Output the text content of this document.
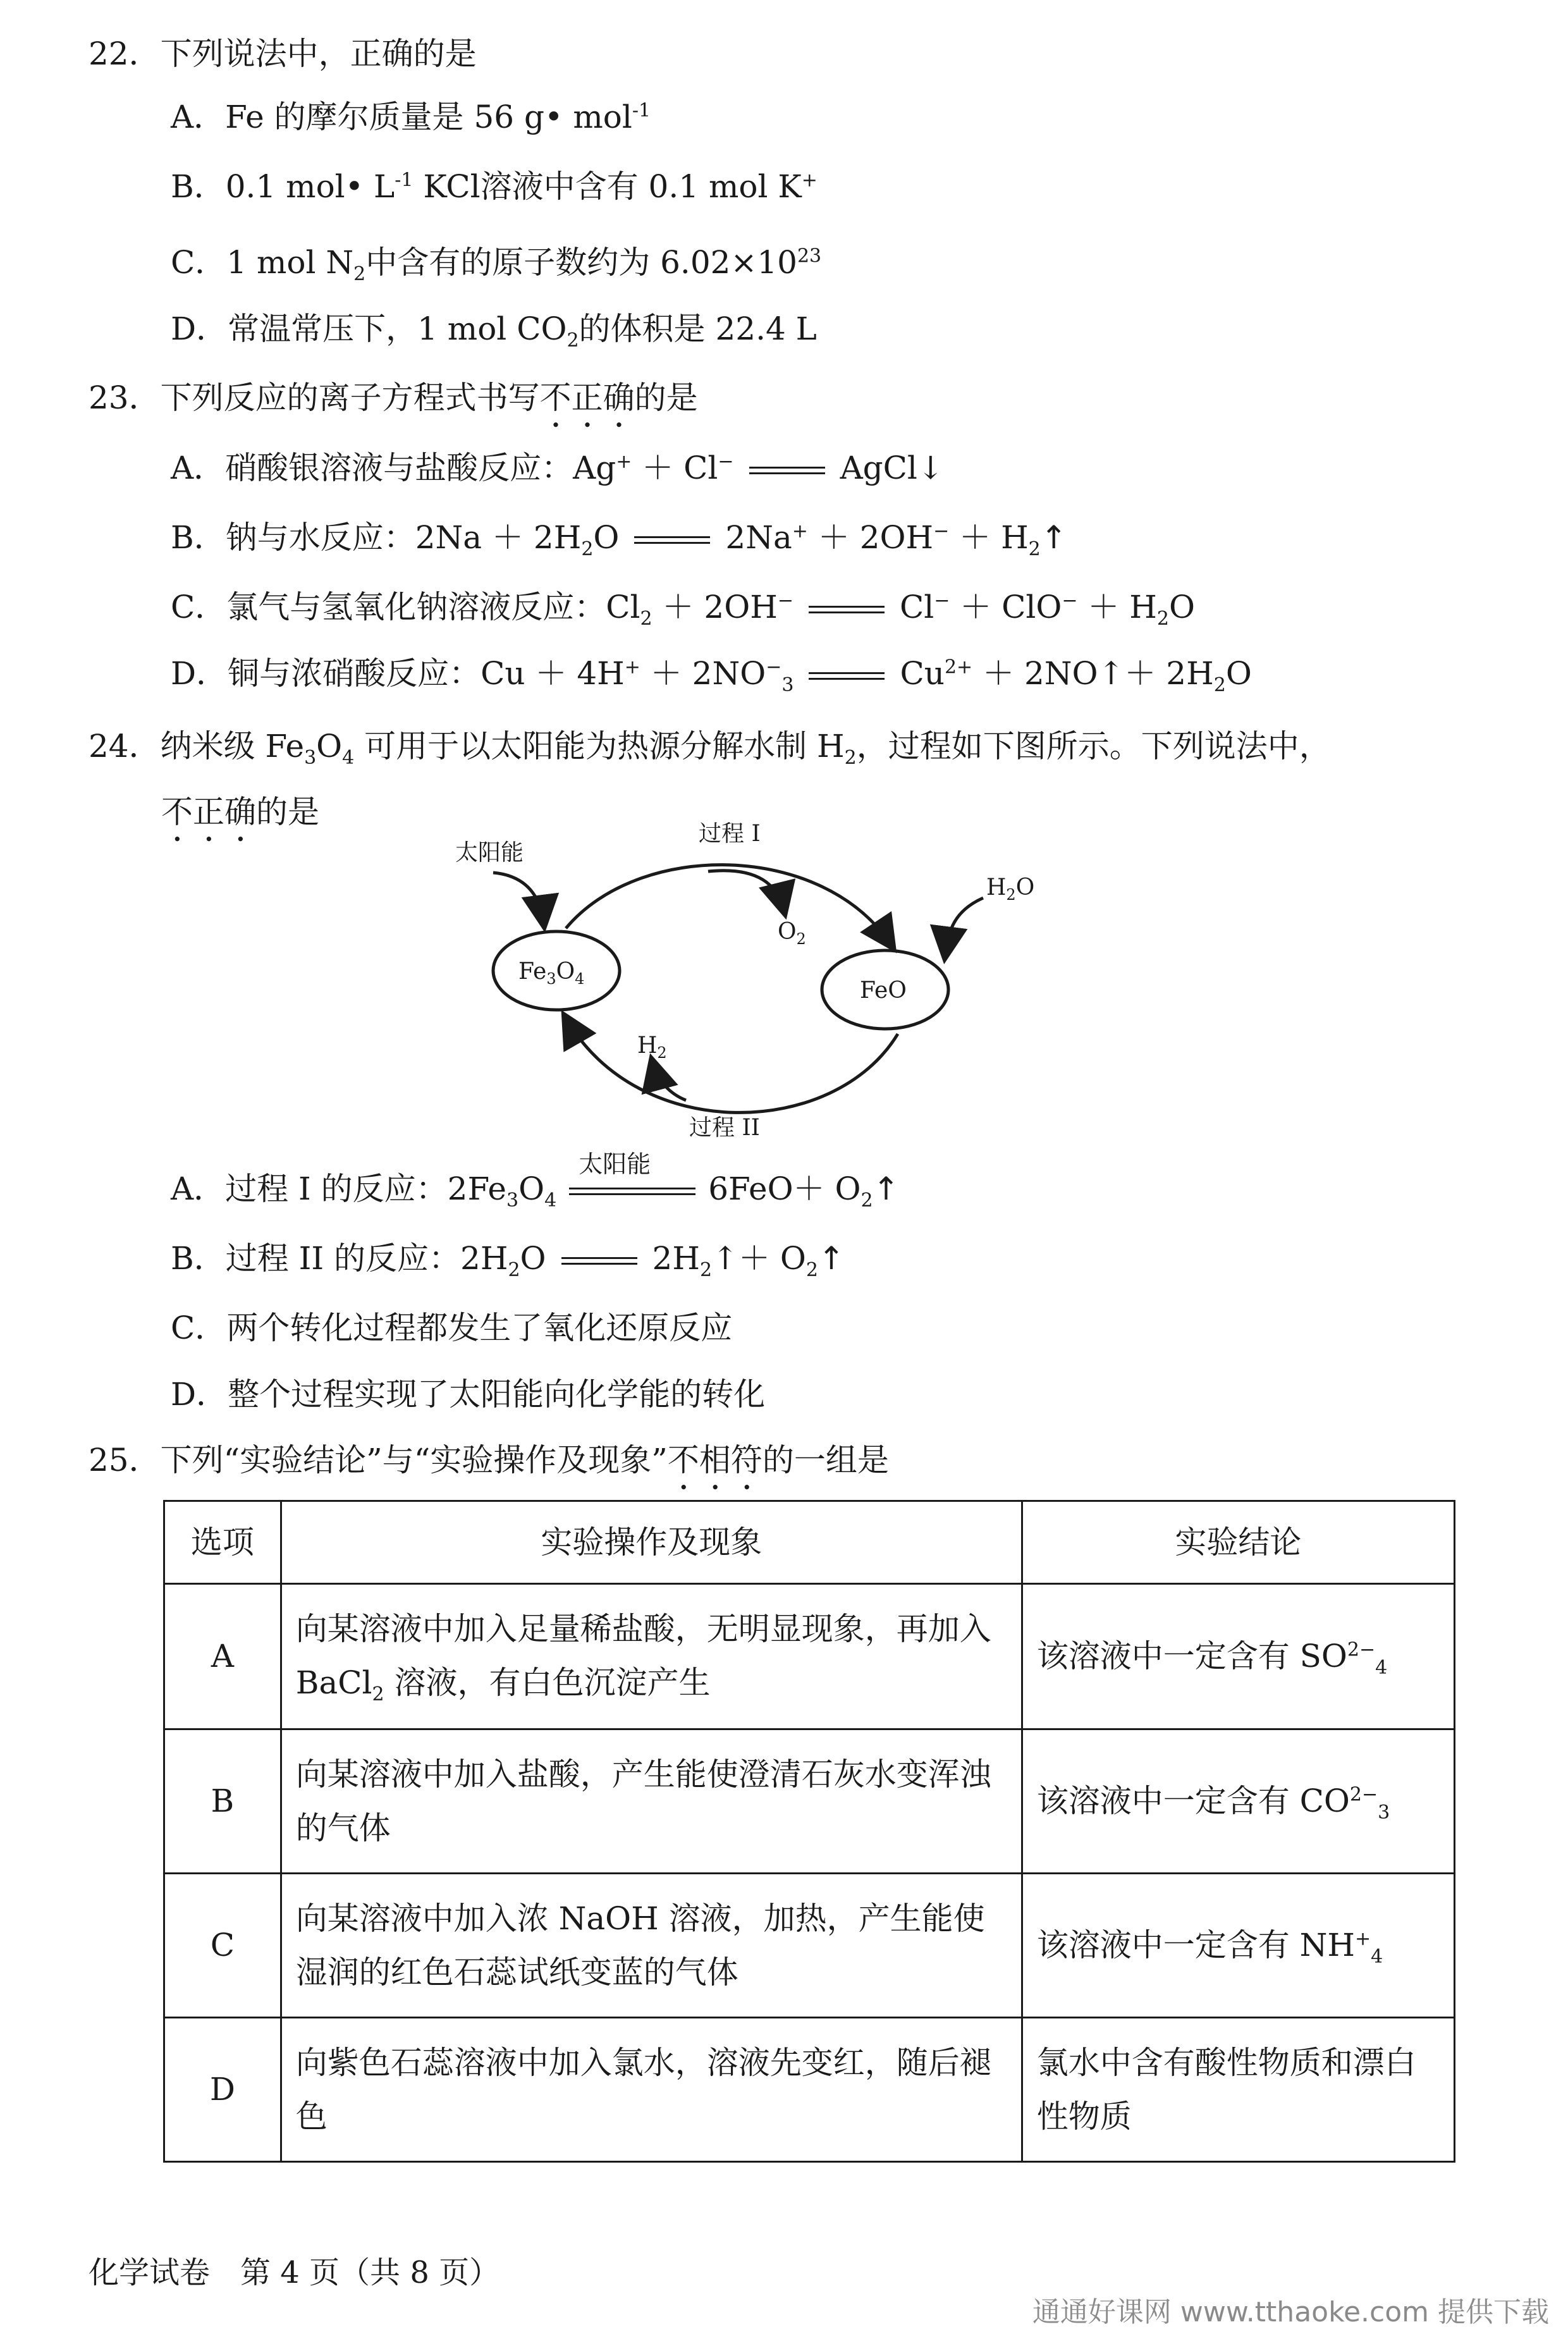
22．下列说法中，正确的是
A．Fe 的摩尔质量是 56 g• mol$^{-1}$
B．0.1 mol• $L^{-1}$ KCl溶液中含有 0.1 mol K+
C．1 mol $N_2$中含有的原子数约为 $6.02\times 10^{23}$
D．常温常压下，1 mol $CO_2$的体积是 22.4 L
23．下列反应的离子方程式书写不正确的是
A．硝酸银溶液与盐酸反应：Ag+ ＋ Cl−	AgCl↓
B．钠与水反应：$2Na + 2H_2O$	$2Na^+ + 2OH^- + H_2↑$
C．氯气与氢氧化钠溶液反应：$Cl_2 + 2OH^-$	$Cl^- + ClO^- + H_2O$
D．铜与浓硝酸反应：$Cu + 4H^+ + 2NO^-_3$	$Cu^{2+}$ ＋ 2NO↑＋ $2H_2O$
24．纳米级 $Fe_3O_4$ 可用于以太阳能为热源分解水制 $H_2$，过程如下图所示。下列说法中，
不正确的是
太阳能
过程 I
$O_2$
$H_2O$
$Fe_3O_4$	FeO
$H_2$
过程 II
A．过程 I 的反应：$2Fe_3O_4$
太阳能
$6FeO+ O_2↑$
B．过程 II 的反应：$2H_2O$	$2H_2↑+$ $O_2↑$
C．两个转化过程都发生了氧化还原反应
D．整个过程实现了太阳能向化学能的转化
25．下列“实验结论”与“实验操作及现象”不相符的一组是
选项	实验操作及现象	实验结论
A	向某溶液中加入足量稀盐酸，无明显现象，再加入 BaCl$_2$ 溶液，有白色沉淀产生	该溶液中一定含有 $SO^{2-}_4$
B	向某溶液中加入盐酸，产生能使澄清石灰水变浑浊的气体	该溶液中一定含有 $CO^{2-}_3$
C	向某溶液中加入浓 NaOH 溶液，加热，产生能使湿润的红色石蕊试纸变蓝的气体	该溶液中一定含有 $NH^+_4$
D	向紫色石蕊溶液中加入氯水，溶液先变红，随后褪色	氯水中含有酸性物质和漂白性物质
化学试卷　第 4 页（共 8 页）
通通好课网 www.tthaoke.com 提供下载
